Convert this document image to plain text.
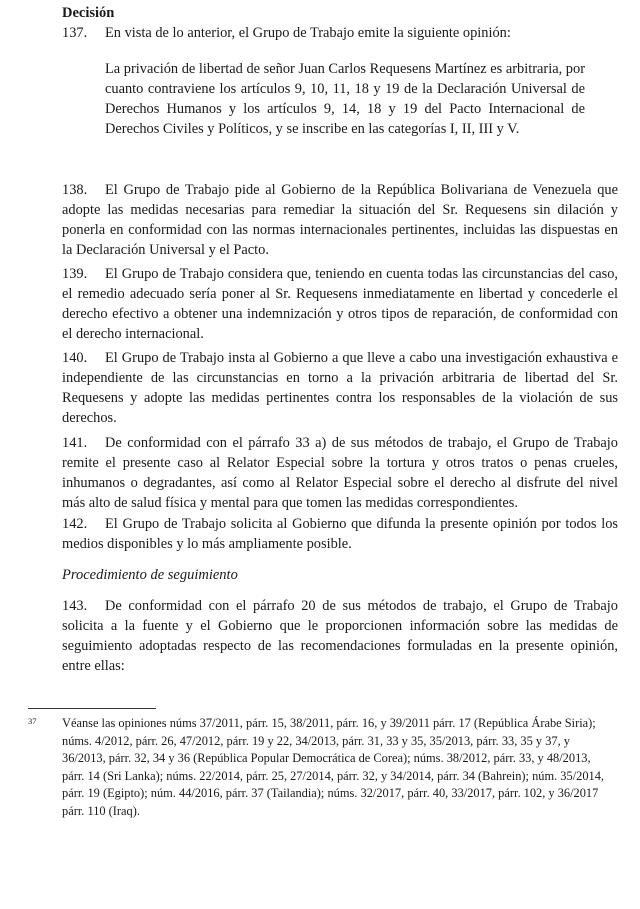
Decisión
137. En vista de lo anterior, el Grupo de Trabajo emite la siguiente opinión:
La privación de libertad de señor Juan Carlos Requesens Martínez es arbitraria, por cuanto contraviene los artículos 9, 10, 11, 18 y 19 de la Declaración Universal de Derechos Humanos y los artículos 9, 14, 18 y 19 del Pacto Internacional de Derechos Civiles y Políticos, y se inscribe en las categorías I, II, III y V.
138. El Grupo de Trabajo pide al Gobierno de la República Bolivariana de Venezuela que adopte las medidas necesarias para remediar la situación del Sr. Requesens sin dilación y ponerla en conformidad con las normas internacionales pertinentes, incluidas las dispuestas en la Declaración Universal y el Pacto.
139. El Grupo de Trabajo considera que, teniendo en cuenta todas las circunstancias del caso, el remedio adecuado sería poner al Sr. Requesens inmediatamente en libertad y concederle el derecho efectivo a obtener una indemnización y otros tipos de reparación, de conformidad con el derecho internacional.
140. El Grupo de Trabajo insta al Gobierno a que lleve a cabo una investigación exhaustiva e independiente de las circunstancias en torno a la privación arbitraria de libertad del Sr. Requesens y adopte las medidas pertinentes contra los responsables de la violación de sus derechos.
141. De conformidad con el párrafo 33 a) de sus métodos de trabajo, el Grupo de Trabajo remite el presente caso al Relator Especial sobre la tortura y otros tratos o penas crueles, inhumanos o degradantes, así como al Relator Especial sobre el derecho al disfrute del nivel más alto de salud física y mental para que tomen las medidas correspondientes.
142. El Grupo de Trabajo solicita al Gobierno que difunda la presente opinión por todos los medios disponibles y lo más ampliamente posible.
Procedimiento de seguimiento
143. De conformidad con el párrafo 20 de sus métodos de trabajo, el Grupo de Trabajo solicita a la fuente y el Gobierno que le proporcionen información sobre las medidas de seguimiento adoptadas respecto de las recomendaciones formuladas en la presente opinión, entre ellas:
37 Véanse las opiniones núms 37/2011, párr. 15, 38/2011, párr. 16, y 39/2011 párr. 17 (República Árabe Siria); núms. 4/2012, párr. 26, 47/2012, párr. 19 y 22, 34/2013, párr. 31, 33 y 35, 35/2013, párr. 33, 35 y 37, y 36/2013, párr. 32, 34 y 36 (República Popular Democrática de Corea); núms. 38/2012, párr. 33, y 48/2013, párr. 14 (Sri Lanka); núms. 22/2014, párr. 25, 27/2014, párr. 32, y 34/2014, párr. 34 (Bahrein); núm. 35/2014, párr. 19 (Egipto); núm. 44/2016, párr. 37 (Tailandia); núms. 32/2017, párr. 40, 33/2017, párr. 102, y 36/2017 párr. 110 (Iraq).
